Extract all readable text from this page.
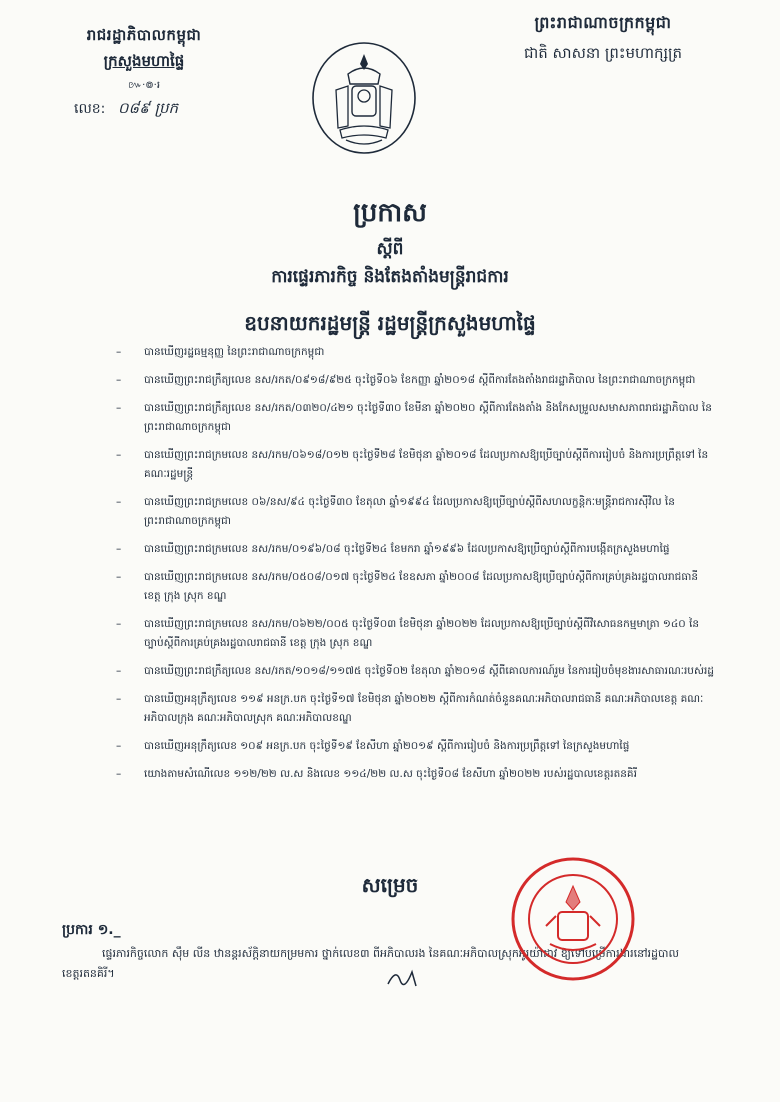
រាជរដ្ឋាភិបាលកម្ពុជា
ក្រសួងមហាផ្ទៃ
៚·៙·៛
លេខ: ០៨៩ ប្រក
ព្រះរាជាណាចក្រកម្ពុជា
ជាតិ សាសនា ព្រះមហាក្សត្រ
ប្រកាស
ស្តីពី
ការផ្ទេរភារកិច្ច និងតែងតាំងមន្ត្រីរាជការ
ឧបនាយករដ្ឋមន្ត្រី រដ្ឋមន្ត្រីក្រសួងមហាផ្ទៃ
– បានឃើញរដ្ឋធម្មនុញ្ញ នៃព្រះរាជាណាចក្រកម្ពុជា
– បានឃើញព្រះរាជក្រឹត្យលេខ នស/រកត/០៩១៨/៩២៥ ចុះថ្ងៃទី០៦ ខែកញ្ញា ឆ្នាំ២០១៨ ស្តីពីការតែងតាំងរាជរដ្ឋាភិបាល នៃព្រះរាជាណាចក្រកម្ពុជា
– បានឃើញព្រះរាជក្រឹត្យលេខ នស/រកត/០៣២០/៤២១ ចុះថ្ងៃទី៣០ ខែមីនា ឆ្នាំ២០២០ ស្តីពីការតែងតាំង និងកែសម្រួលសមាសភាពរាជរដ្ឋាភិបាល នៃព្រះរាជាណាចក្រកម្ពុជា
– បានឃើញព្រះរាជក្រមលេខ នស/រកម/០៦១៨/០១២ ចុះថ្ងៃទី២៨ ខែមិថុនា ឆ្នាំ២០១៨ ដែលប្រកាសឱ្យប្រើច្បាប់ស្តីពីការរៀបចំ និងការប្រព្រឹត្តទៅ នៃគណៈរដ្ឋមន្ត្រី
– បានឃើញព្រះរាជក្រមលេខ ០៦/នស/៩៤ ចុះថ្ងៃទី៣០ ខែតុលា ឆ្នាំ១៩៩៤ ដែលប្រកាសឱ្យប្រើច្បាប់ស្តីពីសហលក្ខន្តិកៈមន្ត្រីរាជការស៊ីវិល នៃព្រះរាជាណាចក្រកម្ពុជា
– បានឃើញព្រះរាជក្រមលេខ នស/រកម/០១៩៦/០៨ ចុះថ្ងៃទី២៤ ខែមករា ឆ្នាំ១៩៩៦ ដែលប្រកាសឱ្យប្រើច្បាប់ស្តីពីការបង្កើតក្រសួងមហាផ្ទៃ
– បានឃើញព្រះរាជក្រមលេខ នស/រកម/០៥០៨/០១៧ ចុះថ្ងៃទី២៤ ខែឧសភា ឆ្នាំ២០០៨ ដែលប្រកាសឱ្យប្រើច្បាប់ស្តីពីការគ្រប់គ្រងរដ្ឋបាលរាជធានី ខេត្ត ក្រុង ស្រុក ខណ្ឌ
– បានឃើញព្រះរាជក្រមលេខ នស/រកម/០៦២២/០០៥ ចុះថ្ងៃទី០៣ ខែមិថុនា ឆ្នាំ២០២២ ដែលប្រកាសឱ្យប្រើច្បាប់ស្តីពីវិសោធនកម្មមាត្រា ១៤០ នៃច្បាប់ស្តីពីការគ្រប់គ្រងរដ្ឋបាលរាជធានី ខេត្ត ក្រុង ស្រុក ខណ្ឌ
– បានឃើញព្រះរាជក្រឹត្យលេខ នស/រកត/១០១៨/១១៧៥ ចុះថ្ងៃទី០២ ខែតុលា ឆ្នាំ២០១៨ ស្តីពីគោលការណ៍រួម នៃការរៀបចំមុខងារសាធារណៈរបស់រដ្ឋ
– បានឃើញអនុក្រឹត្យលេខ ១១៩ អនក្រ.បក ចុះថ្ងៃទី១៧ ខែមិថុនា ឆ្នាំ២០២២ ស្តីពីការកំណត់ចំនួនគណៈអភិបាលរាជធានី គណៈអភិបាលខេត្ត គណៈអភិបាលក្រុង គណៈអភិបាលស្រុក គណៈអភិបាលខណ្ឌ
– បានឃើញអនុក្រឹត្យលេខ ១០៩ អនក្រ.បក ចុះថ្ងៃទី១៩ ខែសីហា ឆ្នាំ២០១៩ ស្តីពីការរៀបចំ និងការប្រព្រឹត្តទៅ នៃក្រសួងមហាផ្ទៃ
– យោងតាមសំណើលេខ ១១២/២២ ល.ស និងលេខ ១១៤/២២ ល.ស ចុះថ្ងៃទី០៨ ខែសីហា ឆ្នាំ២០២២ របស់រដ្ឋបាលខេត្តរតនគិរី
សម្រេច
ប្រការ ១._
ផ្ទេរភារកិច្ចលោក ស៊ឹម លីន ឋានន្តរស័ក្តិនាយកម្រមការ ថ្នាក់លេខ៣ ពីអភិបាលរង នៃគណៈអភិបាលស្រុកអូរយ៉ាដាវ ឱ្យទៅបម្រើការងារនៅរដ្ឋបាលខេត្តរតនគិរី។
